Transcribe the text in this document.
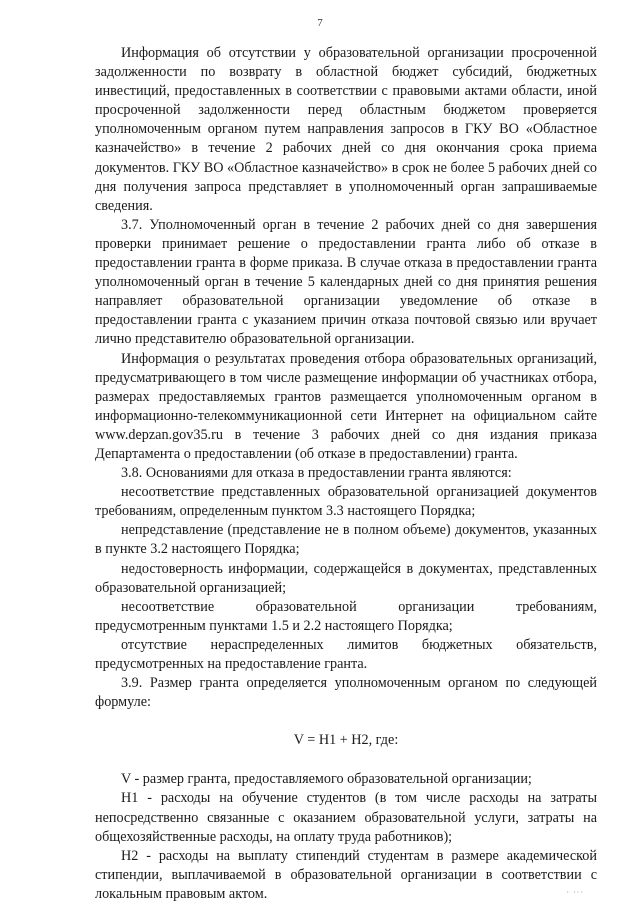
7

Информация об отсутствии у образовательной организации просроченной задолженности по возврату в областной бюджет субсидий, бюджетных инвестиций, предоставленных в соответствии с правовыми актами области, иной просроченной задолженности перед областным бюджетом проверяется уполномоченным органом путем направления запросов в ГКУ ВО «Областное казначейство» в течение 2 рабочих дней со дня окончания срока приема документов. ГКУ ВО «Областное казначейство» в срок не более 5 рабочих дней со дня получения запроса представляет в уполномоченный орган запрашиваемые сведения.

3.7. Уполномоченный орган в течение 2 рабочих дней со дня завершения проверки принимает решение о предоставлении гранта либо об отказе в предоставлении гранта в форме приказа. В случае отказа в предоставлении гранта уполномоченный орган в течение 5 календарных дней со дня принятия решения направляет образовательной организации уведомление об отказе в предоставлении гранта с указанием причин отказа почтовой связью или вручает лично представителю образовательной организации.

Информация о результатах проведения отбора образовательных организаций, предусматривающего в том числе размещение информации об участниках отбора, размерах предоставляемых грантов размещается уполномоченным органом в информационно-телекоммуникационной сети Интернет на официальном сайте www.depzan.gov35.ru в течение 3 рабочих дней со дня издания приказа Департамента о предоставлении (об отказе в предоставлении) гранта.

3.8. Основаниями для отказа в предоставлении гранта являются:

несоответствие представленных образовательной организацией документов требованиям, определенным пунктом 3.3 настоящего Порядка;

непредставление (представление не в полном объеме) документов, указанных в пункте 3.2 настоящего Порядка;

недостоверность информации, содержащейся в документах, представленных образовательной организацией;

несоответствие образовательной организации требованиям, предусмотренным пунктами 1.5 и 2.2 настоящего Порядка;

отсутствие нераспределенных лимитов бюджетных обязательств, предусмотренных на предоставление гранта.

3.9. Размер гранта определяется уполномоченным органом по следующей формуле:

V = H1 + H2, где:

V - размер гранта, предоставляемого образовательной организации;

H1 - расходы на обучение студентов (в том числе расходы на затраты непосредственно связанные с оказанием образовательной услуги, затраты на общехозяйственные расходы, на оплату труда работников);

H2 - расходы на выплату стипендий студентам в размере академической стипендии, выплачиваемой в образовательной организации в соответствии с локальным правовым актом.	· ···
